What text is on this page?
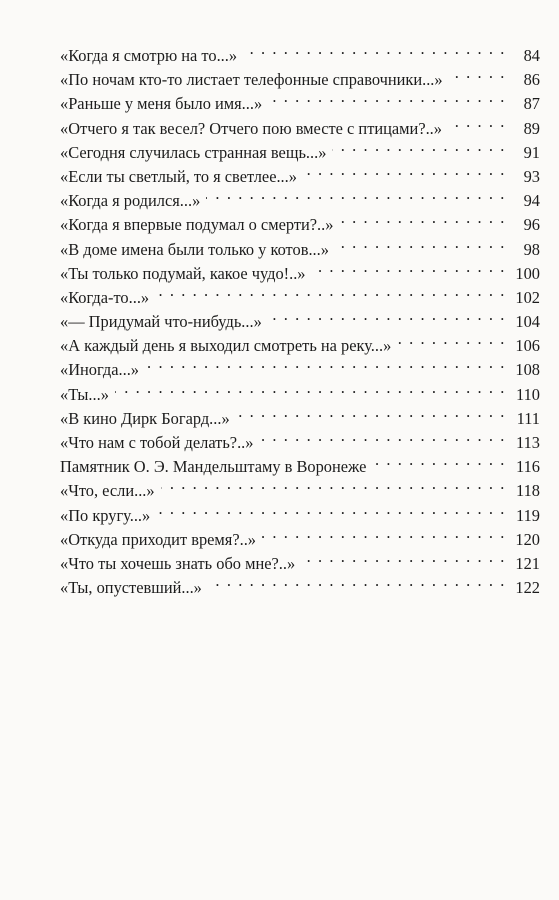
«Когда я смотрю на то...» . . .	84
«По ночам кто-то листает телефонные справочники...» . . .	86
«Раньше у меня было имя...» . . .	87
«Отчего я так весел? Отчего пою вместе с птицами?..» . . .	89
«Сегодня случилась странная вещь...» . . .	91
«Если ты светлый, то я светлее...» . . .	93
«Когда я родился...» . . .	94
«Когда я впервые подумал о смерти?..» . . .	96
«В доме имена были только у котов...» . . .	98
«Ты только подумай, какое чудо!..» . . .	100
«Когда-то...» . . .	102
«— Придумай что-нибудь...» . . .	104
«А каждый день я выходил смотреть на реку...» . . .	106
«Иногда...» . . .	108
«Ты...» . . .	110
«В кино Дирк Богард...» . . .	111
«Что нам с тобой делать?..» . . .	113
Памятник О. Э. Мандельштаму в Воронеже . . .	116
«Что, если...» . . .	118
«По кругу...» . . .	119
«Откуда приходит время?..» . . .	120
«Что ты хочешь знать обо мне?..» . . .	121
«Ты, опустевший...» . . .	122
